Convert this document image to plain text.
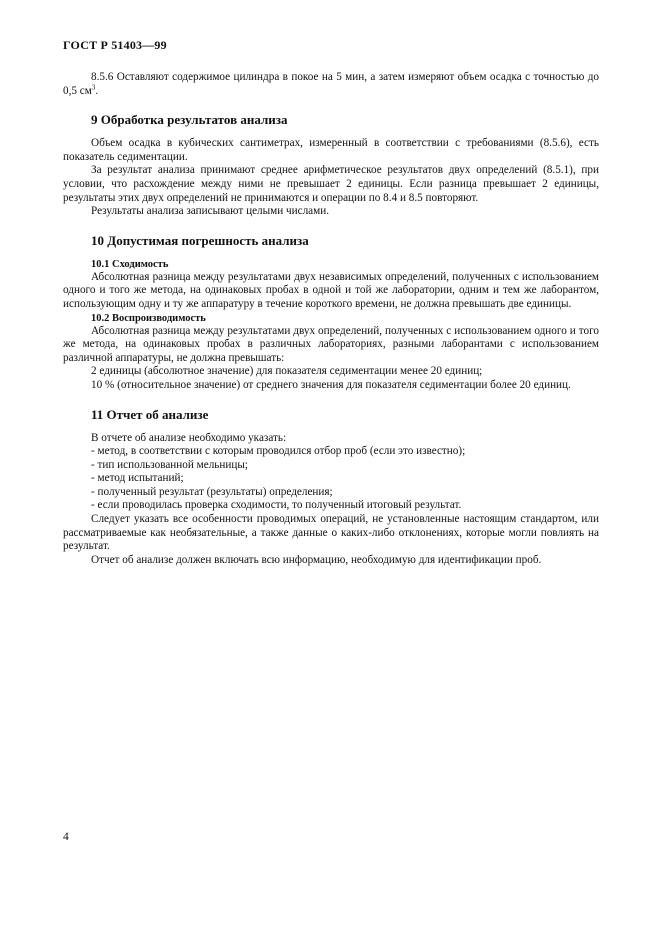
ГОСТ Р 51403—99

8.5.6 Оставляют содержимое цилиндра в покое на 5 мин, а затем измеряют объем осадка с точностью до 0,5 $см^3$.

9 Обработка результатов анализа

Объем осадка в кубических сантиметрах, измеренный в соответствии с требованиями (8.5.6), есть показатель седиментации.

За результат анализа принимают среднее арифметическое результатов двух определений (8.5.1), при условии, что расхождение между ними не превышает 2 единицы. Если разница превышает 2 единицы, результаты этих двух определений не принимаются и операции по 8.4 и 8.5 повторяют.

Результаты анализа записывают целыми числами.

10 Допустимая погрешность анализа
10.1 Сходимость

Абсолютная разница между результатами двух независимых определений, полученных с использованием одного и того же метода, на одинаковых пробах в одной и той же лаборатории, одним и тем же лаборантом, использующим одну и ту же аппаратуру в течение короткого времени, не должна превышать две единицы.

10.2 Воспроизводимость

Абсолютная разница между результатами двух определений, полученных с использованием одного и того же метода, на одинаковых пробах в различных лабораториях, разными лаборантами с использованием различной аппаратуры, не должна превышать:

2 единицы (абсолютное значение) для показателя седиментации менее 20 единиц;

10 % (относительное значение) от среднего значения для показателя седиментации более 20 единиц.

11 Отчет об анализе

В отчете об анализе необходимо указать:

- метод, в соответствии с которым проводился отбор проб (если это известно);

- тип использованной мельницы;

- метод испытаний;

- полученный результат (результаты) определения;

- если проводилась проверка сходимости, то полученный итоговый результат.

Следует указать все особенности проводимых операций, не установленные настоящим стандартом, или рассматриваемые как необязательные, а также данные о каких-либо отклонениях, которые могли повлиять на результат.

Отчет об анализе должен включать всю информацию, необходимую для идентификации проб.

4
